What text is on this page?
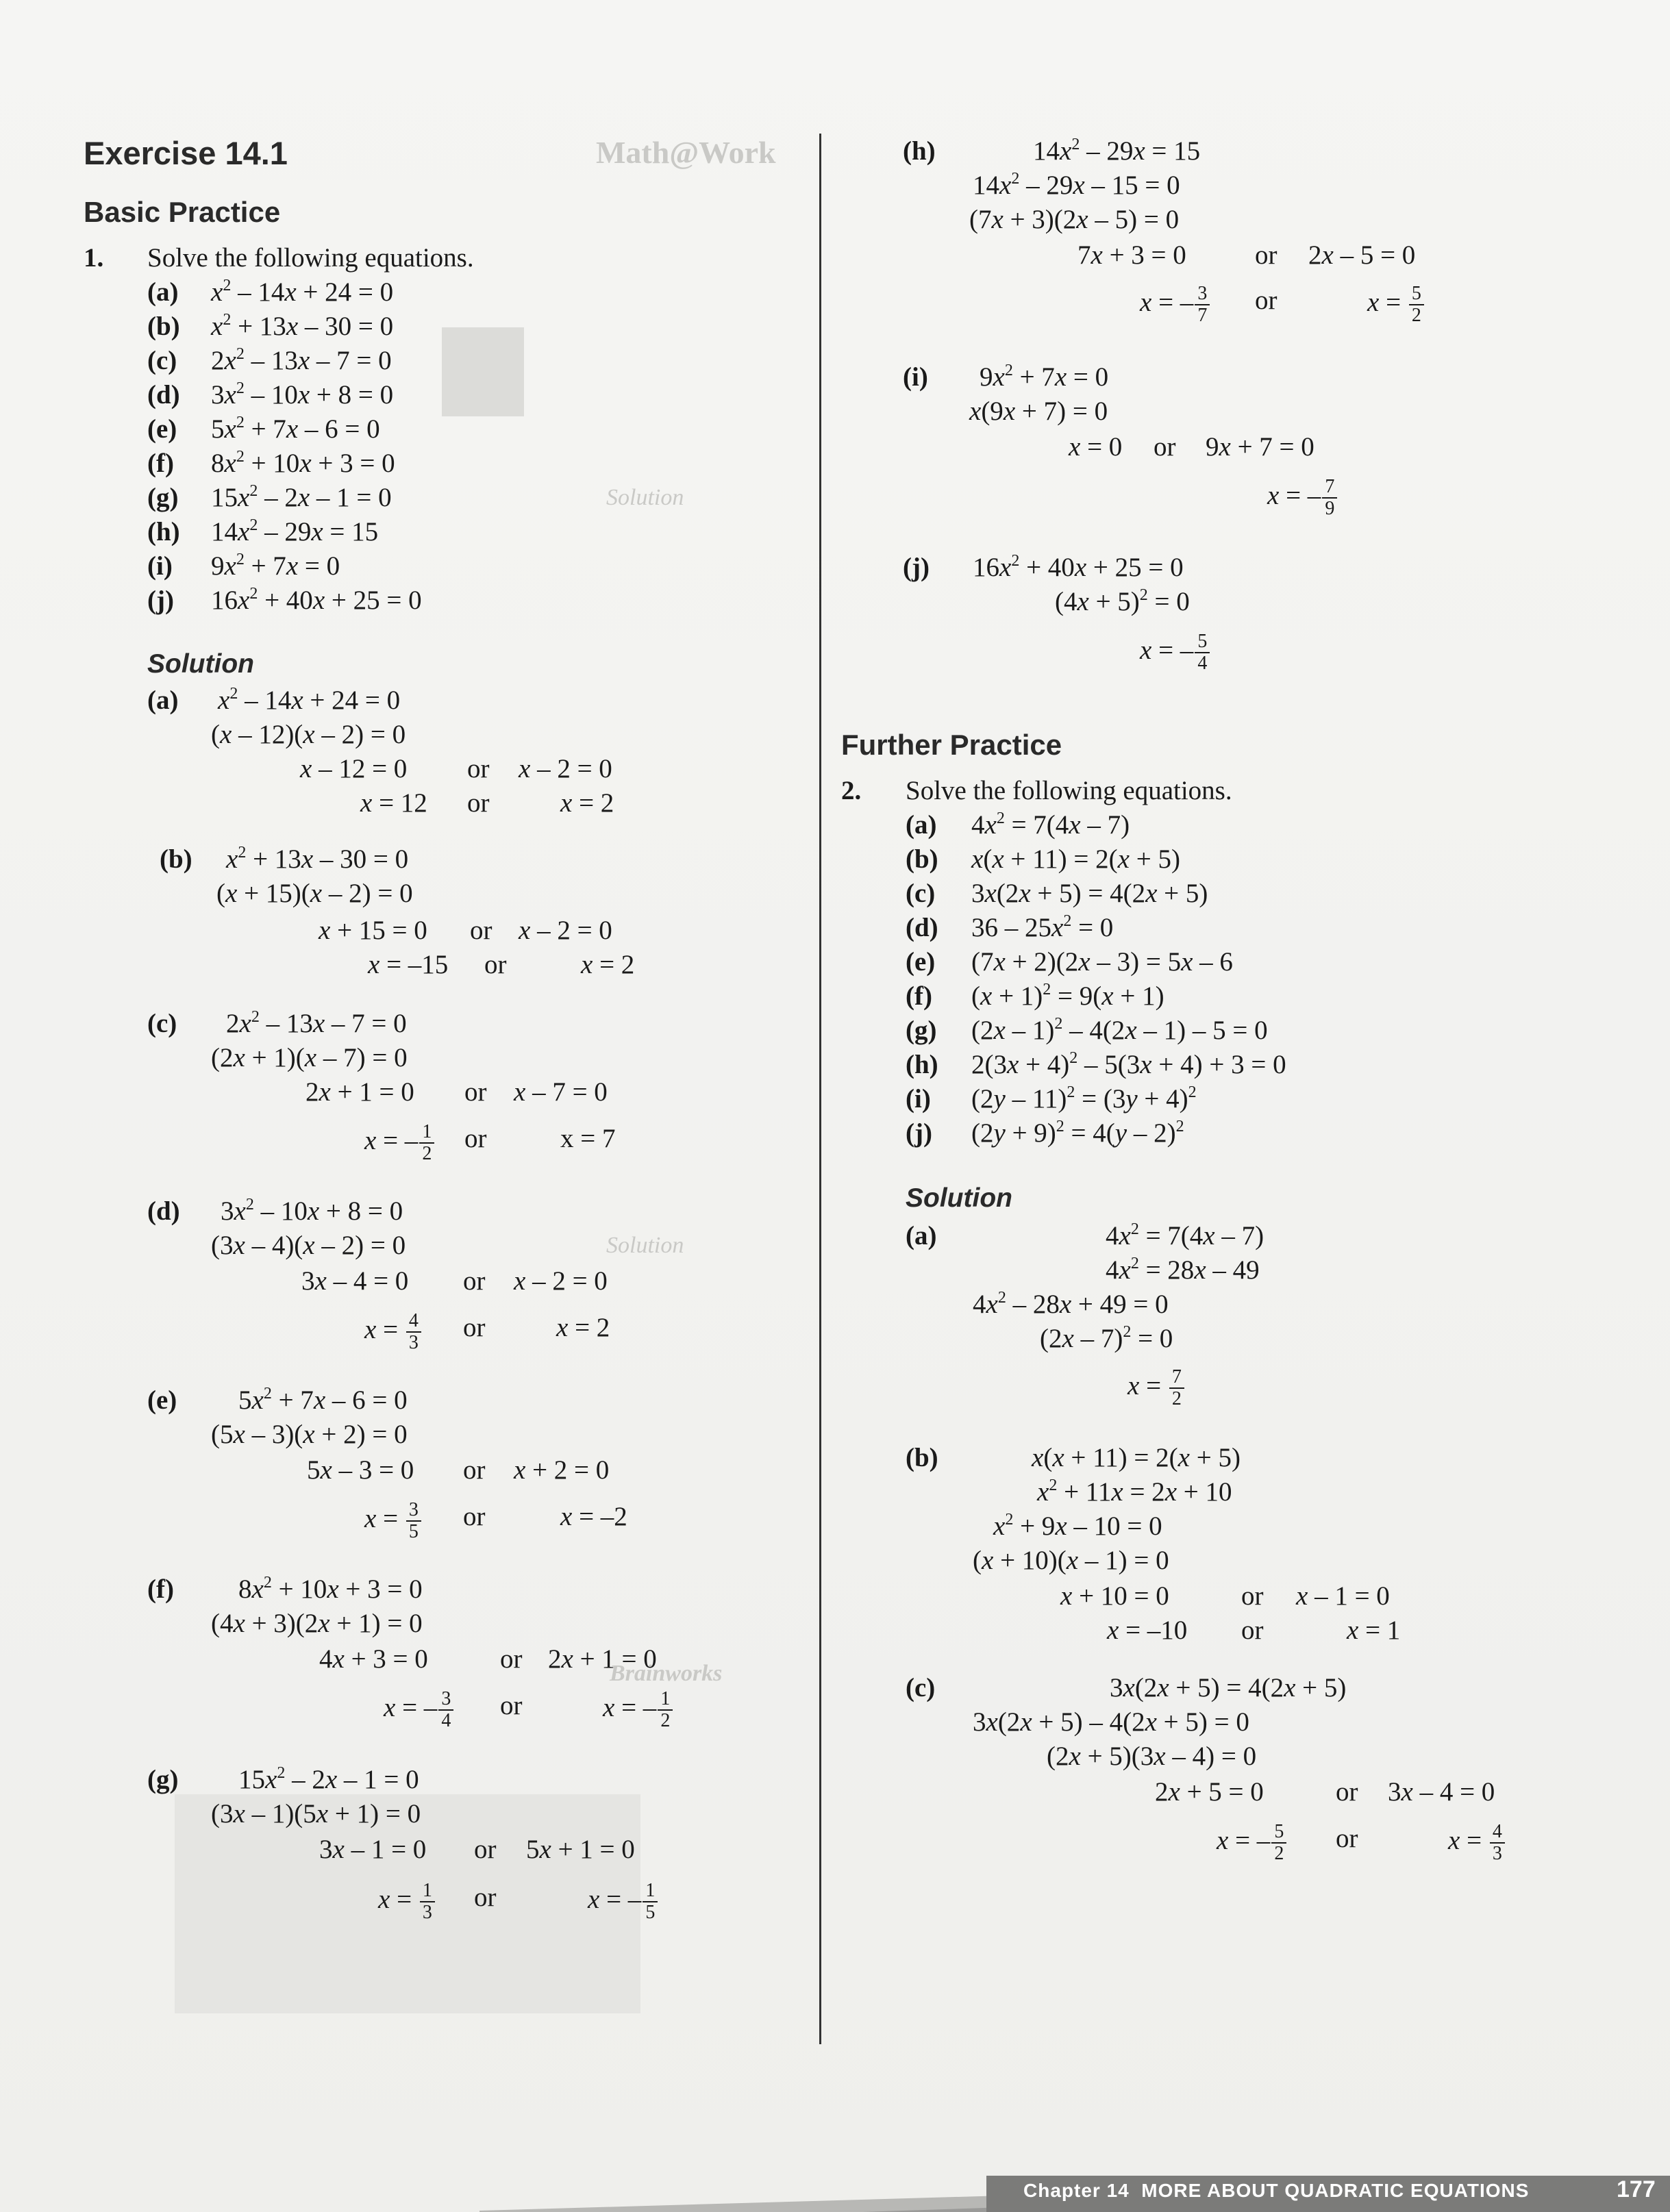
Math@Work
Solution
Solution
Brainworks
Exercise 14.1
Basic Practice
1. Solve the following equations.
(a) $x^2 - 14x + 24 = 0$
(b) $x^2 + 13x - 30 = 0$
(c) $2x^2 - 13x - 7 = 0$
(d) $3x^2 - 10x + 8 = 0$
(e) $5x^2 + 7x - 6 = 0$
(f) $8x^2 + 10x + 3 = 0$
(g) $15x^2 - 2x - 1 = 0$
(h) $14x^2 - 29x = 15$
(i) $9x^2 + 7x = 0$
(j) $16x^2 + 40x + 25 = 0$
Solution
(a) $x^2 - 14x + 24 = 0$
(x – 12)(x – 2) = 0
x – 12 = 0 or x – 2 = 0
x = 12 or	x = 2
(b) $x^2 + 13x - 30 = 0$
(x + 15)(x – 2) = 0
x + 15 = 0 or x – 2 = 0
x = –15 or	x = 2
(c) $2x^2 - 13x - 7 = 0$
(2x + 1)(x – 7) = 0
2x + 1 = 0 or x – 7 = 0
x = – $\frac{1}{2}$ or	x = 7
(d) $3x^2 - 10x + 8 = 0$
(3x – 4)(x – 2) = 0
3x – 4 = 0 or x – 2 = 0
$x = \frac{4}{3}$ or	x = 2
(e) $5x^2 + 7x - 6 = 0$
(5x – 3)(x + 2) = 0
5x – 3 = 0 or x + 2 = 0
$x = \frac{3}{5}$ or	x = –2
(f) $8x^2 + 10x + 3 = 0$
(4x + 3)(2x + 1) = 0
4x + 3 = 0	or 2x + 1 = 0
x = – $\frac{3}{4}$ or	x = – $\frac{1}{2}$
(g) $15x^2 - 2x - 1 = 0$
(3x – 1)(5x + 1) = 0
3x – 1 = 0 or 5x + 1 = 0
$x = \frac{1}{3}$ or	x = – $\frac{1}{5}$
(h)	$14x^2 - 29x = 15$
$14x^2 - 29x - 15 = 0$
(7x + 3)(2x – 5) = 0
7x + 3 = 0	or 2x – 5 = 0
x = – $\frac{3}{7}$ or	$x = \frac{5}{2}$
(i) $9x^2 + 7x = 0$
x(9x + 7) = 0
x = 0 or 9x + 7 = 0
x = – $\frac{7}{9}$
(j) $16x^2 + 40x + 25 = 0$
$(4x + 5)^2 = 0$
x = – $\frac{5}{4}$
Further Practice
2. Solve the following equations.
(a) $4x^2 = 7(4x - 7)$
(b) x(x + 11) = 2(x + 5)
(c) 3x(2x + 5) = 4(2x + 5)
(d) $36 - 25x^2 = 0$
(e) (7x + 2)(2x – 3) = 5x – 6
(f) $(x + 1)^2 = 9(x + 1)$
(g) (2x – 1)$^2$ – 4(2x – 1) – 5 = 0
(h) $2(3x + 4)^2 - 5(3x + 4) + 3 = 0$
(i) $(2y - 11)^2 = (3y + 4)^2$
(j) $(2y + 9)^2 = 4(y - 2)^2$
Solution
(a)	$4x^2 = 7(4x - 7)$
$4x^2 = 28x - 49$
$4x^2 - 28x + 49 = 0$
(2x – 7)$^2$ = 0
$x = \frac{7}{2}$
(b)	x(x + 11) = 2(x + 5)
$x^2 + 11x = 2x + 10$
$x^2 + 9x - 10 = 0$
(x + 10)(x – 1) = 0
x + 10 = 0	or x – 1 = 0
x = –10 or	x = 1
(c)	3x(2x + 5) = 4(2x + 5)
3x(2x + 5) – 4(2x + 5) = 0
(2x + 5)(3x – 4) = 0
2x + 5 = 0	or 3x – 4 = 0
x = – $\frac{5}{2}$ or	$x = \frac{4}{3}$
Chapter 14 MORE ABOUT QUADRATIC EQUATIONS	177
